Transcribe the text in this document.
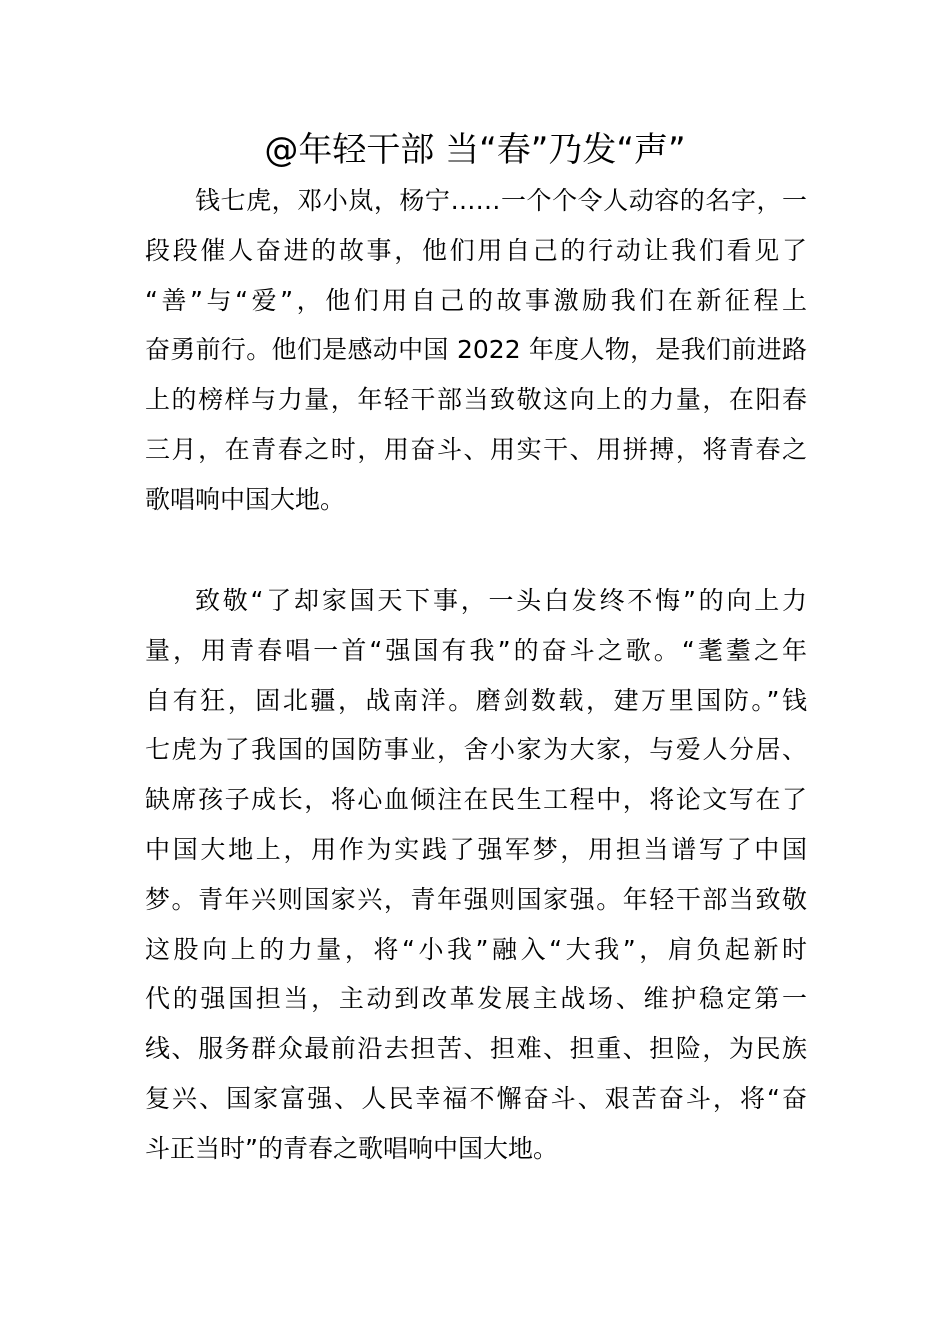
@年轻干部 当“春”乃发“声”

钱七虎，邓小岚，杨宁……一个个令人动容的名字，一
段段催人奋进的故事，他们用自己的行动让我们看见了
“善”与“爱”，他们用自己的故事激励我们在新征程上
奋勇前行。他们是感动中国 2022 年度人物，是我们前进路
上的榜样与力量，年轻干部当致敬这向上的力量，在阳春
三月，在青春之时，用奋斗、用实干、用拼搏，将青春之
歌唱响中国大地。

致敬“了却家国天下事，一头白发终不悔”的向上力
量，用青春唱一首“强国有我”的奋斗之歌。“耄耋之年
自有狂，固北疆，战南洋。磨剑数载，建万里国防。”钱
七虎为了我国的国防事业，舍小家为大家，与爱人分居、
缺席孩子成长，将心血倾注在民生工程中，将论文写在了
中国大地上，用作为实践了强军梦，用担当谱写了中国
梦。青年兴则国家兴，青年强则国家强。年轻干部当致敬
这股向上的力量，将“小我”融入“大我”，肩负起新时
代的强国担当，主动到改革发展主战场、维护稳定第一
线、服务群众最前沿去担苦、担难、担重、担险，为民族
复兴、国家富强、人民幸福不懈奋斗、艰苦奋斗，将“奋
斗正当时”的青春之歌唱响中国大地。
